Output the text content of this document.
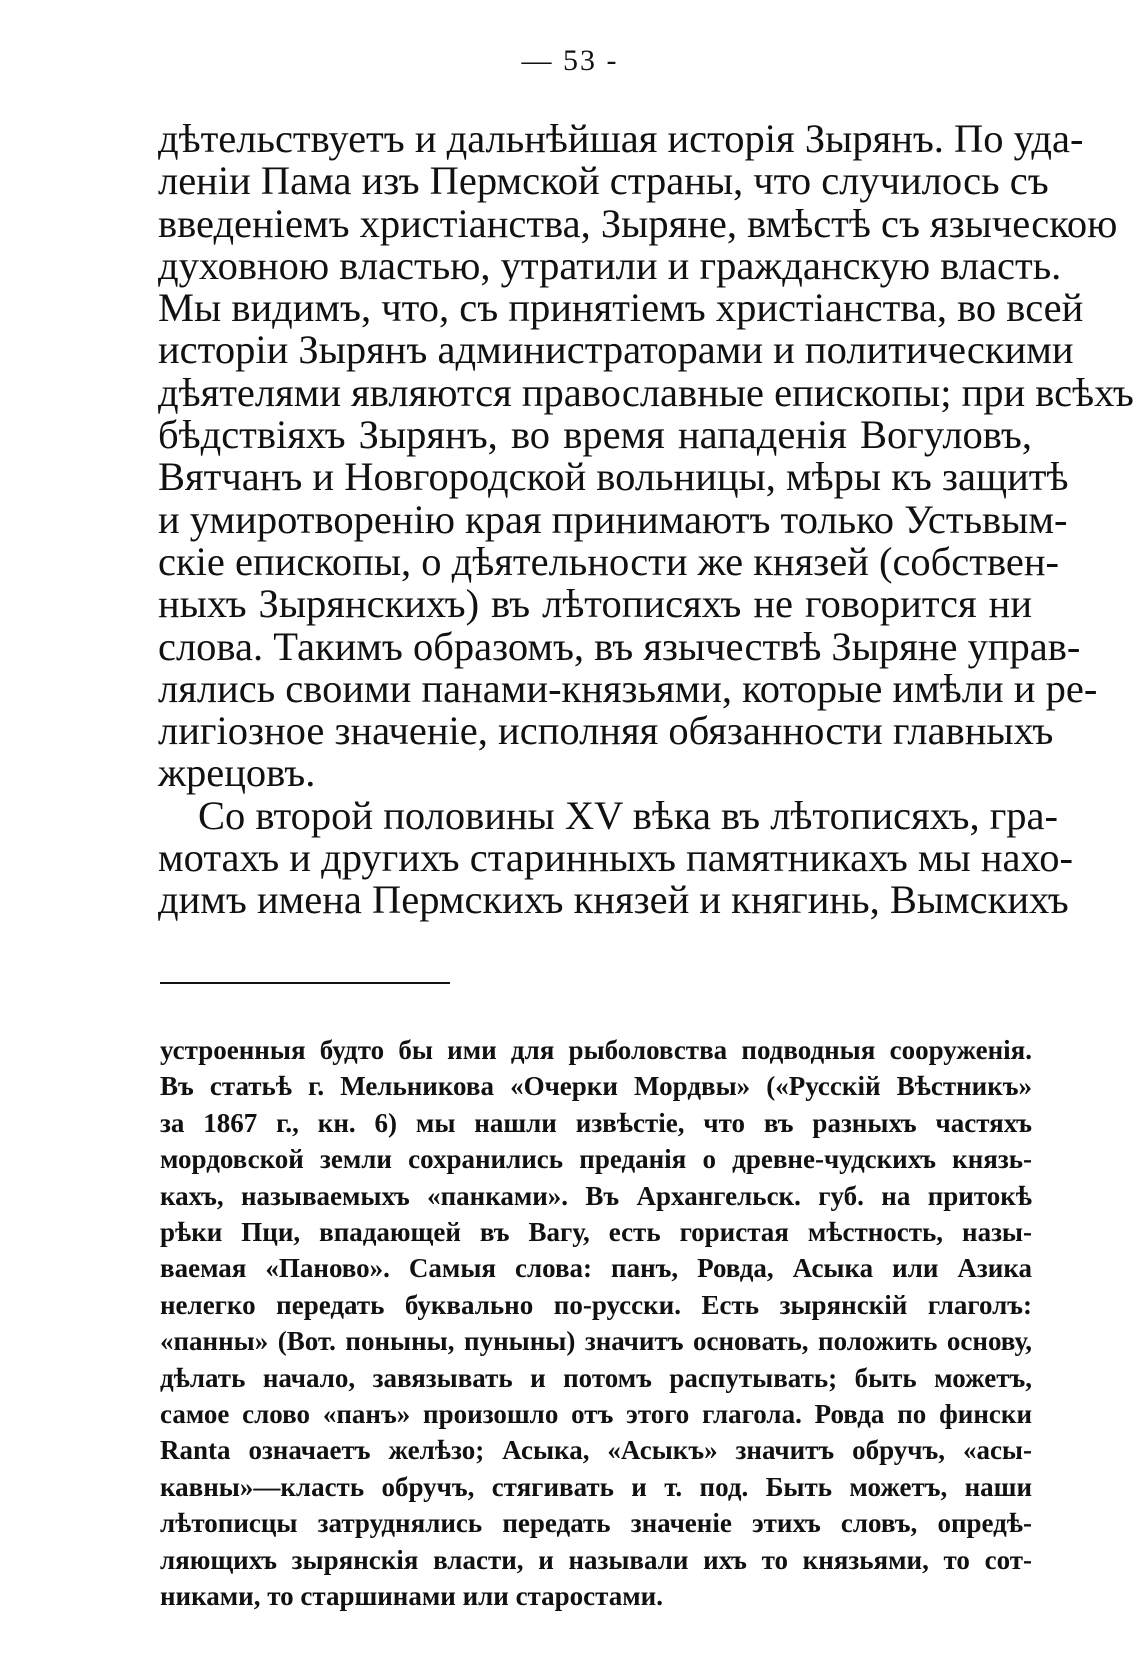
— 53 -
дѣтельствуетъ и дальнѣйшая исторія Зырянъ. По уда-
леніи Пама изъ Пермской страны, что случилось съ
введеніемъ христіанства, Зыряне, вмѣстѣ съ языческою
духовною властью, утратили и гражданскую власть.
Мы видимъ, что, съ принятіемъ христіанства, во всей
исторіи Зырянъ администраторами и политическими
дѣятелями являются православные епископы; при всѣхъ
бѣдствіяхъ Зырянъ, во время нападенія Вогуловъ,
Вятчанъ и Новгородской вольницы, мѣры къ защитѣ
и умиротворенію края принимаютъ только Устьвым-
скіе епископы, о дѣятельности же князей (собствен-
ныхъ Зырянскихъ) въ лѣтописяхъ не говорится ни
слова. Такимъ образомъ, въ язычествѣ Зыряне управ-
лялись своими панами-князьями, которые имѣли и ре-
лигіозное значеніе, исполняя обязанности главныхъ
жрецовъ.
Со второй половины XV вѣка въ лѣтописяхъ, гра-
мотахъ и другихъ старинныхъ памятникахъ мы нахо-
димъ имена Пермскихъ князей и княгинь, Вымскихъ
устроенныя будто бы ими для рыболовства подводныя сооруженія.
Въ статьѣ г. Мельникова «Очерки Мордвы» («Русскій Вѣстникъ»
за 1867 г., кн. 6) мы нашли извѣстіе, что въ разныхъ частяхъ
мордовской земли сохранились преданія о древне-чудскихъ князь-
кахъ, называемыхъ «панками». Въ Архангельск. губ. на притокѣ
рѣки Пци, впадающей въ Вагу, есть гористая мѣстность, назы-
ваемая «Паново». Самыя слова: панъ, Ровда, Асыка или Азика
нелегко передать буквально по-русски. Есть зырянскій глаголъ:
«панны» (Вот. поныны, пуныны) значитъ основать, положить основу,
дѣлать начало, завязывать и потомъ распутывать; быть можетъ,
самое слово «панъ» произошло отъ этого глагола. Ровда по фински
Ranta означаетъ желѣзо; Асыка, «Асыкъ» значитъ обручъ, «асы-
кавны»—класть обручъ, стягивать и т. под. Быть можетъ, наши
лѣтописцы затруднялись передать значеніе этихъ словъ, опредѣ-
ляющихъ зырянскія власти, и называли ихъ то князьями, то сот-
никами, то старшинами или старостами.
